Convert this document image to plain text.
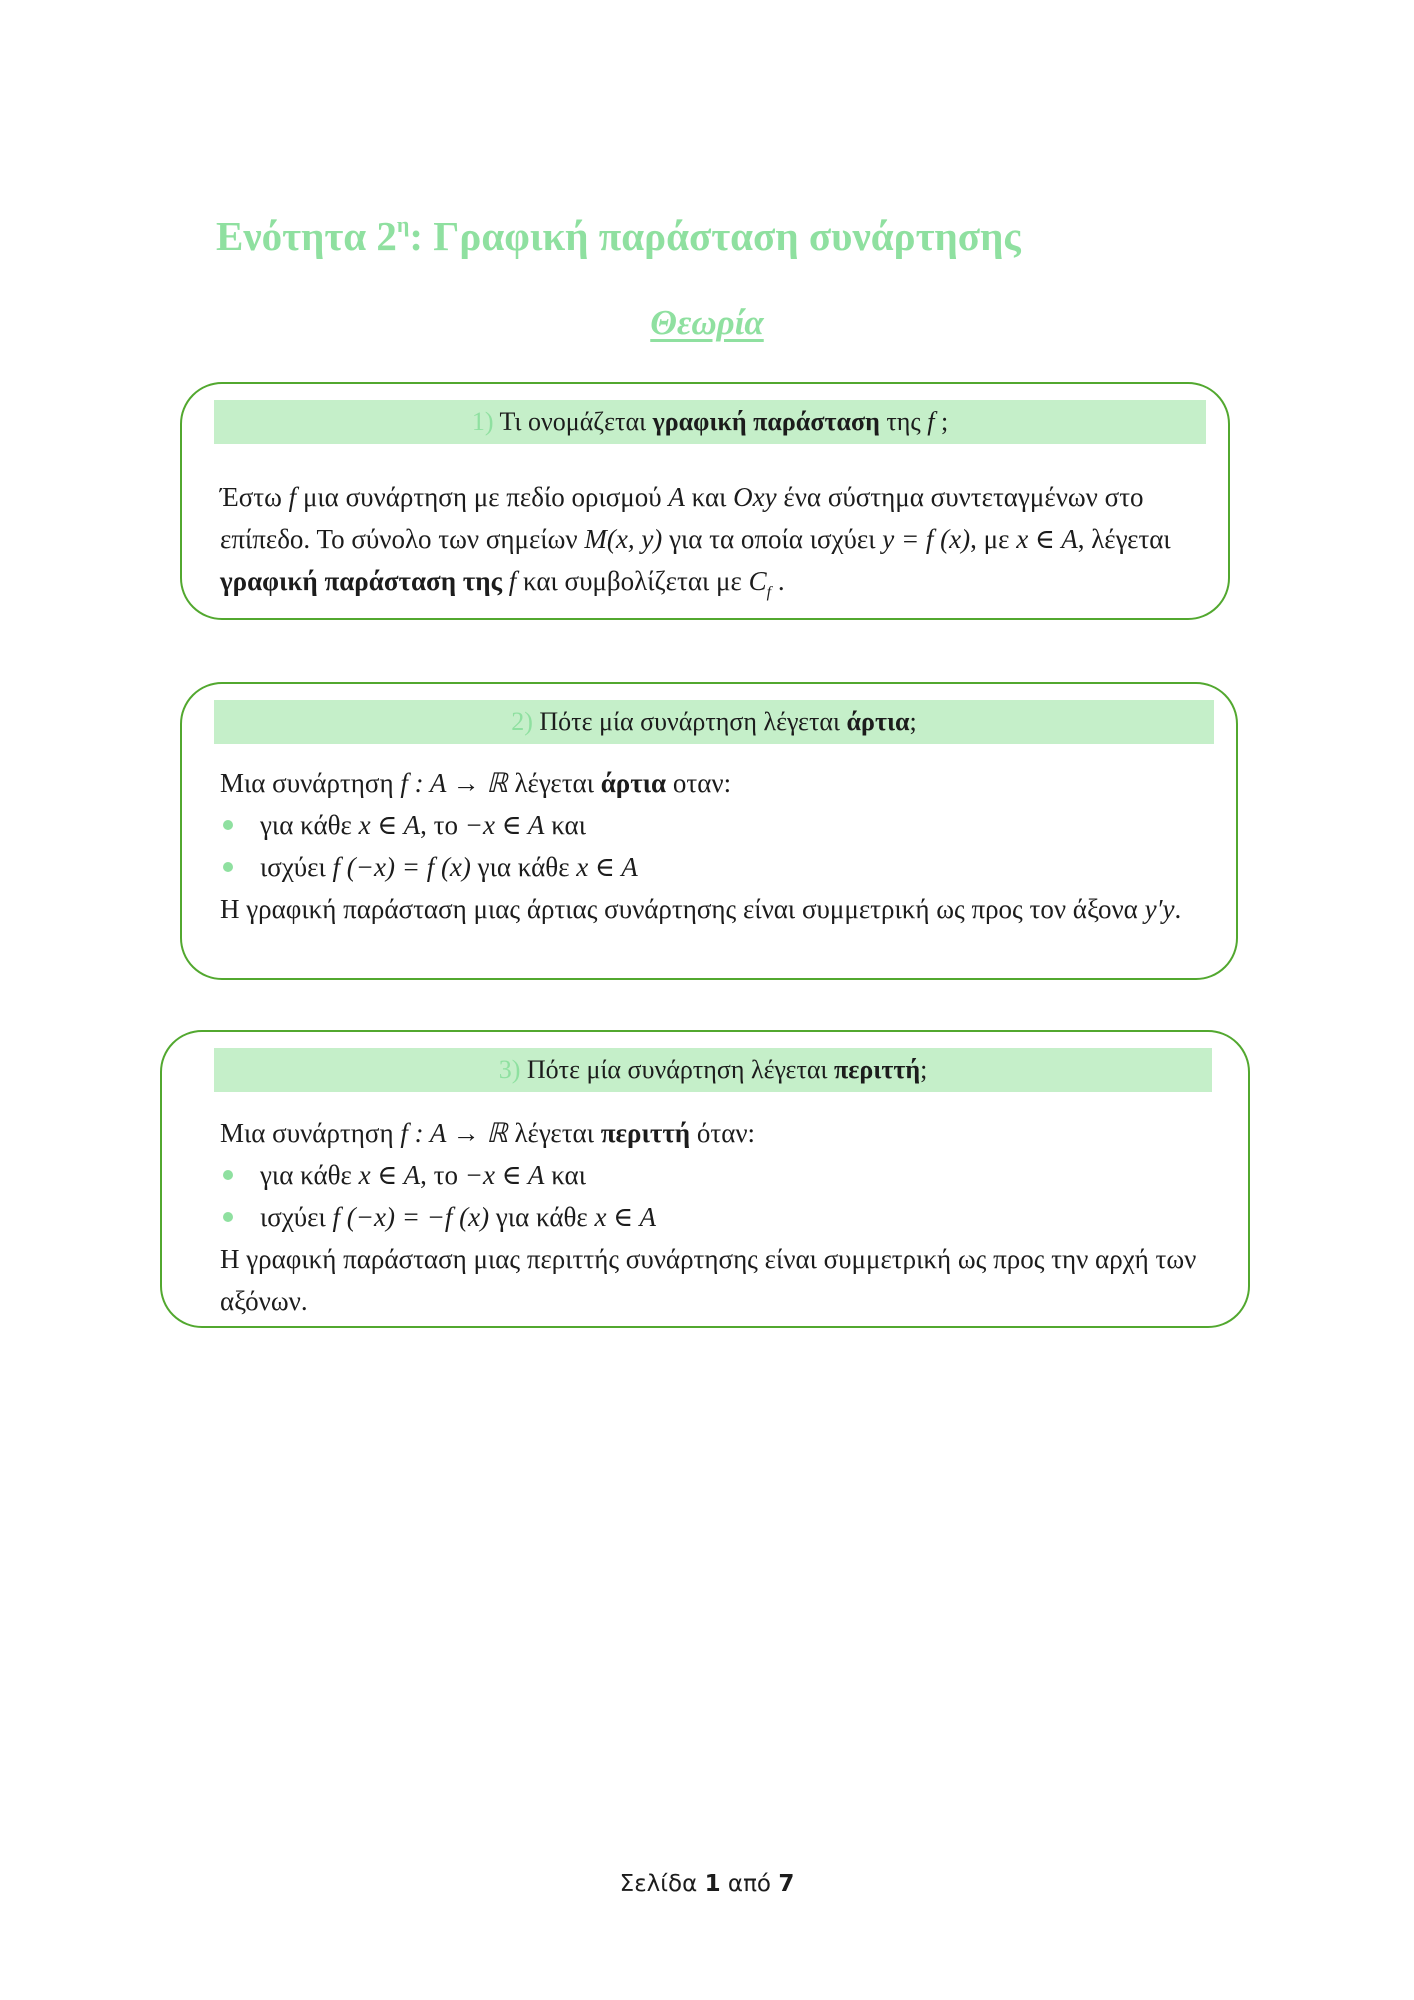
Ενότητα $2^\eta$: Γραφική παράσταση συνάρτησης
Θεωρία
1) Τι ονομάζεται γραφική παράσταση της f ;

Έστω f μια συνάρτηση με πεδίο ορισμού A και Oxy ένα σύστημα συντεταγμένων στο επίπεδο. Το σύνολο των σημείων Μ(x, y) για τα οποία ισχύει y = f (x), με x ∈ A, λέγεται γραφική παράσταση της f και συμβολίζεται με $C_f$ .

2) Πότε μία συνάρτηση λέγεται άρτια;

Μια συνάρτηση f : A → ℝ λέγεται άρτια οταν:

για κάθε x ∈ A, το −x ∈ A και
ισχύει f (−x) = f (x) για κάθε x ∈ A

Η γραφική παράσταση μιας άρτιας συνάρτησης είναι συμμετρική ως προς τον άξονα y′y.

3) Πότε μία συνάρτηση λέγεται περιττή;

Μια συνάρτηση f : A → ℝ λέγεται περιττή όταν:

για κάθε x ∈ A, το −x ∈ A και
ισχύει f (−x) = −f (x) για κάθε x ∈ A

Η γραφική παράσταση μιας περιττής συνάρτησης είναι συμμετρική ως προς την αρχή των αξόνων.

Σελίδα 1 από 7
